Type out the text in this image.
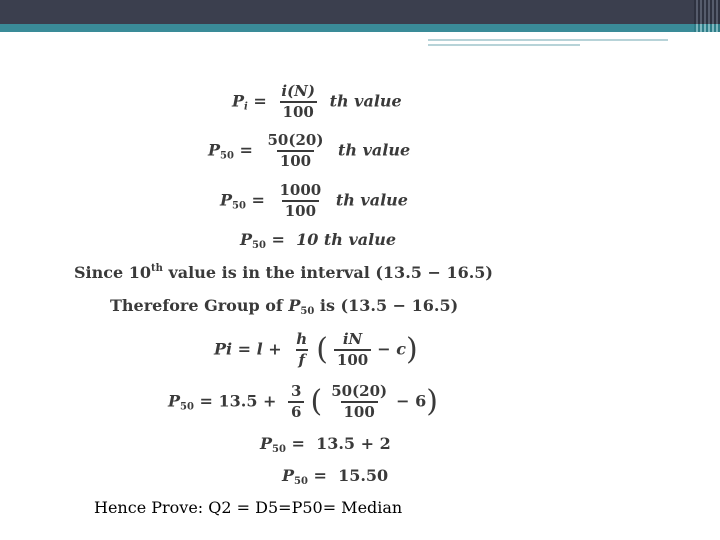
$P_i = \frac{i(N)}{100}$ th value
$P_{50} = \frac{50(20)}{100}$ th value
$P_{50} = \frac{1000}{100}$ th value
$P_{50} = 10$ th value
Since 10th value is in the interval (13.5 − 16.5)
Therefore Group of $P_{50}$ is (13.5 − 16.5)
$Pi = l + \frac{h}{f}$ ( $\frac{iN}{100} - c$)
$P_{50} = 13.5 + \frac{3}{6}$ ( $\frac{50(20)}{100} - 6$)
$P_{50} = 13.5 + 2$
$P_{50} = 15.50$
Hence Prove: Q2 = D5=P50= Median
